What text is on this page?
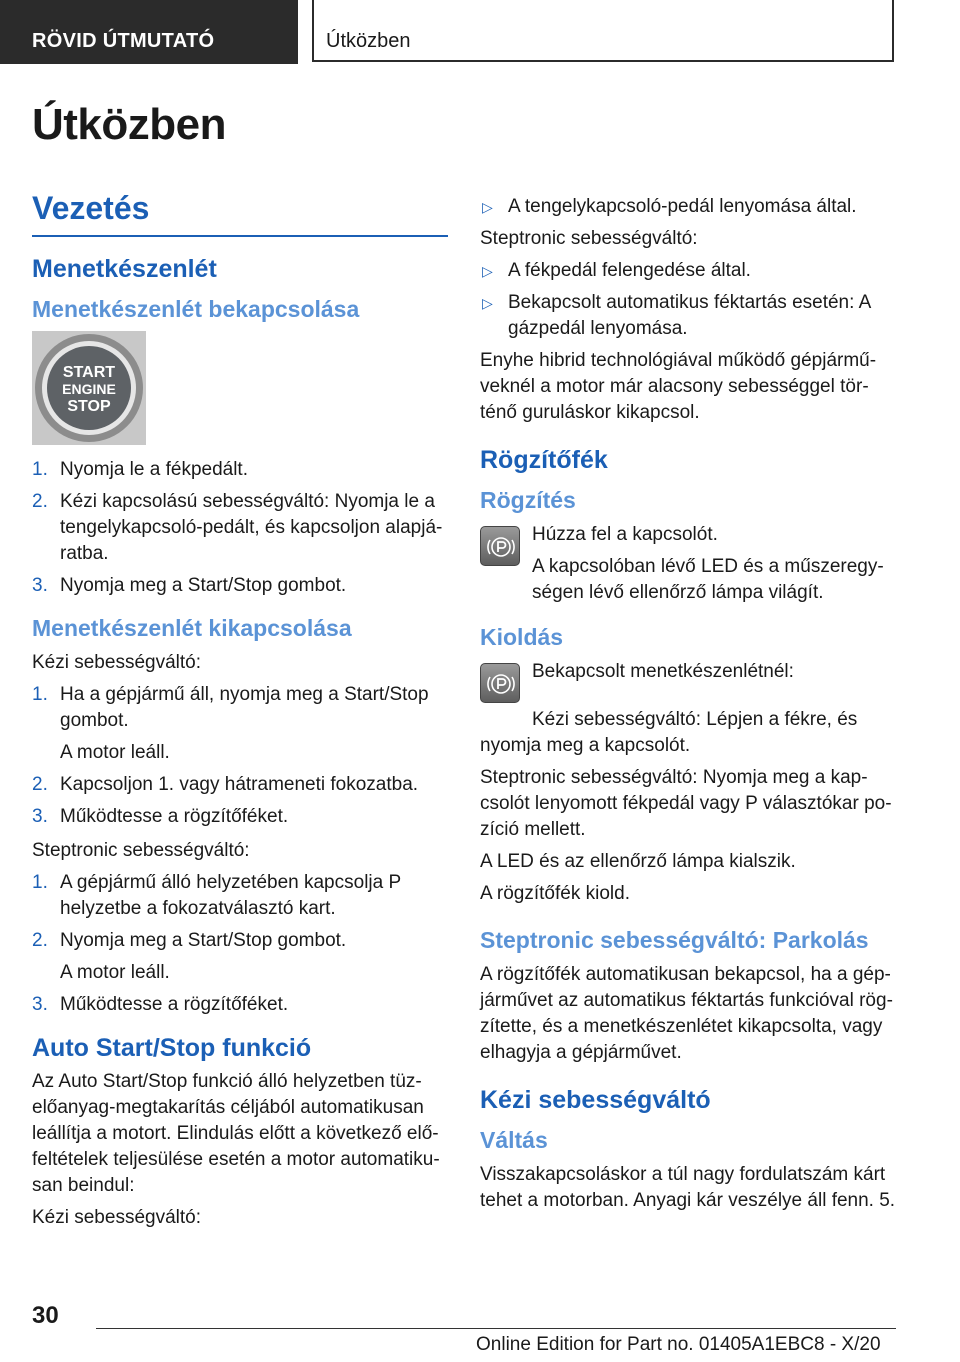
RÖVID ÚTMUTATÓ	Útközben
Útközben
Vezetés
Menetkészenlét
Menetkészenlét bekapcsolása
START
ENGINE
STOP
1. Nyomja le a fékpedált.
2. Kézi kapcsolású sebességváltó: Nyomja le a tengelykapcsoló-pedált, és kapcsoljon alapjáratba.
3. Nyomja meg a Start/Stop gombot.
Menetkészenlét kikapcsolása

Kézi sebességváltó:

1. Ha a gépjármű áll, nyomja meg a Start/Stop gombot.
A motor leáll.
2. Kapcsoljon 1. vagy hátrameneti fokozatba.
3. Működtesse a rögzítőféket.

Steptronic sebességváltó:

1. A gépjármű álló helyzetében kapcsolja P helyzetbe a fokozatválasztó kart.
2. Nyomja meg a Start/Stop gombot.
A motor leáll.
3. Működtesse a rögzítőféket.
Auto Start/Stop funkció

Az Auto Start/Stop funkció álló helyzetben tüzelőanyag-megtakarítás céljából automatikusan leállítja a motort. Elindulás előtt a következő előfeltételek teljesülése esetén a motor automatikusan beindul:

Kézi sebességváltó:

▷ A tengelykapcsoló-pedál lenyomása által.

Steptronic sebességváltó:

▷ A fékpedál felengedése által.
▷ Bekapcsolt automatikus féktartás esetén: A gázpedál lenyomása.

Enyhe hibrid technológiával működő gépjárműveknél a motor már alacsony sebességgel történő guruláskor kikapcsol.

Rögzítőfék
Rögzítés

Húzza fel a kapcsolót.

A kapcsolóban lévő LED és a műszeregységen lévő ellenőrző lámpa világít.

Kioldás

Bekapcsolt menetkészenlétnél:

Kézi sebességváltó: Lépjen a fékre, és nyomja meg a kapcsolót.

Steptronic sebességváltó: Nyomja meg a kapcsolót lenyomott fékpedál vagy P választókar pozíció mellett.

A LED és az ellenőrző lámpa kialszik.

A rögzítőfék kiold.

Steptronic sebességváltó: Parkolás

A rögzítőfék automatikusan bekapcsol, ha a gépjárművet az automatikus féktartás funkcióval rögzítette, és a menetkészenlétet kikapcsolta, vagy elhagyja a gépjárművet.

Kézi sebességváltó
Váltás

Visszakapcsoláskor a túl nagy fordulatszám kárt tehet a motorban. Anyagi kár veszélye áll fenn. 5.

30
Online Edition for Part no. 01405A1EBC8 - X/20
